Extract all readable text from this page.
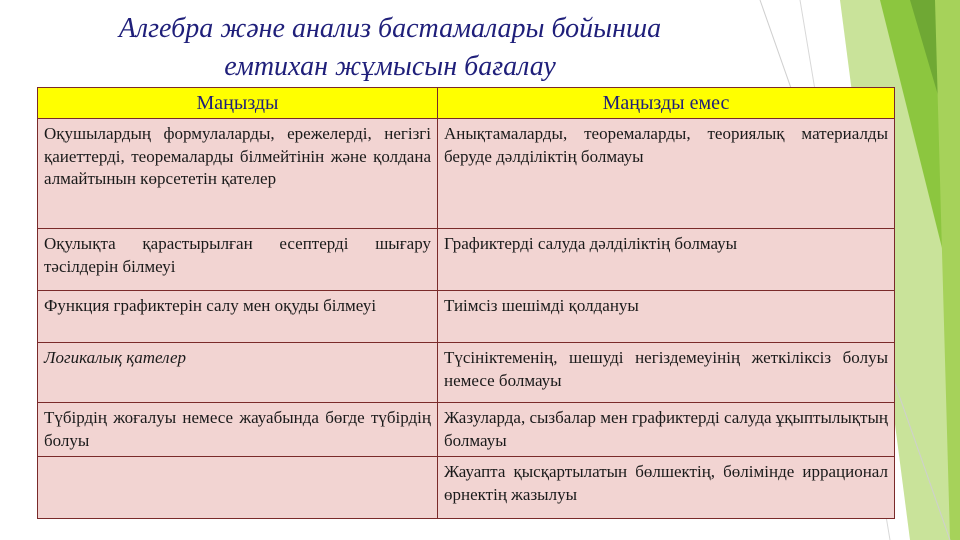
Алгебра және анализ бастамалары бойынша
емтихан жұмысын бағалау
Маңызды	Маңызды емес
Оқушылардың формулаларды, ережелерді, негізгі қаиеттерді, теоремаларды білмейтінін және қолдана алмайтынын көрсететін қателер	Анықтамаларды, теоремаларды, теориялық материалды беруде дәлділіктің болмауы
Оқулықта қарастырылған есептерді шығару тәсілдерін білмеуі	Графиктерді салуда дәлділіктің болмауы
Функция графиктерін салу мен оқуды білмеуі	Тиімсіз шешімді қолдануы
Логикалық қателер	Түсініктеменің, шешуді негіздемеуінің жеткіліксіз болуы немесе болмауы
Түбірдің жоғалуы немесе жауабында бөгде түбірдің болуы	Жазуларда, сызбалар мен графиктерді салуда ұқыптылықтың болмауы
	Жауапта қысқартылатын бөлшектің, бөлімінде иррационал өрнектің жазылуы
